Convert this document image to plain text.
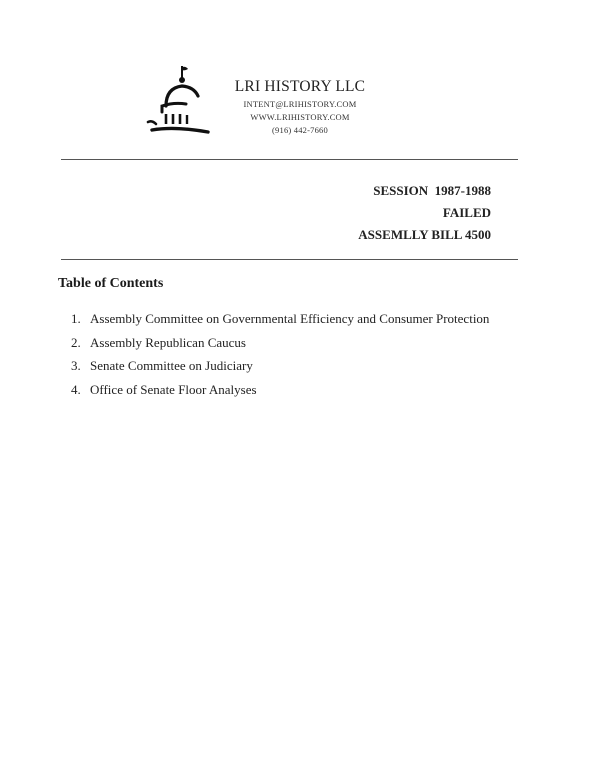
LRI HISTORY LLC
INTENT@LRIHISTORY.COM
WWW.LRIHISTORY.COM
(916) 442-7660
SESSION  1987-1988
FAILED
ASSEMLLY BILL 4500
Table of Contents
1. Assembly Committee on Governmental Efficiency and Consumer Protection
2. Assembly Republican Caucus
3. Senate Committee on Judiciary
4. Office of Senate Floor Analyses
